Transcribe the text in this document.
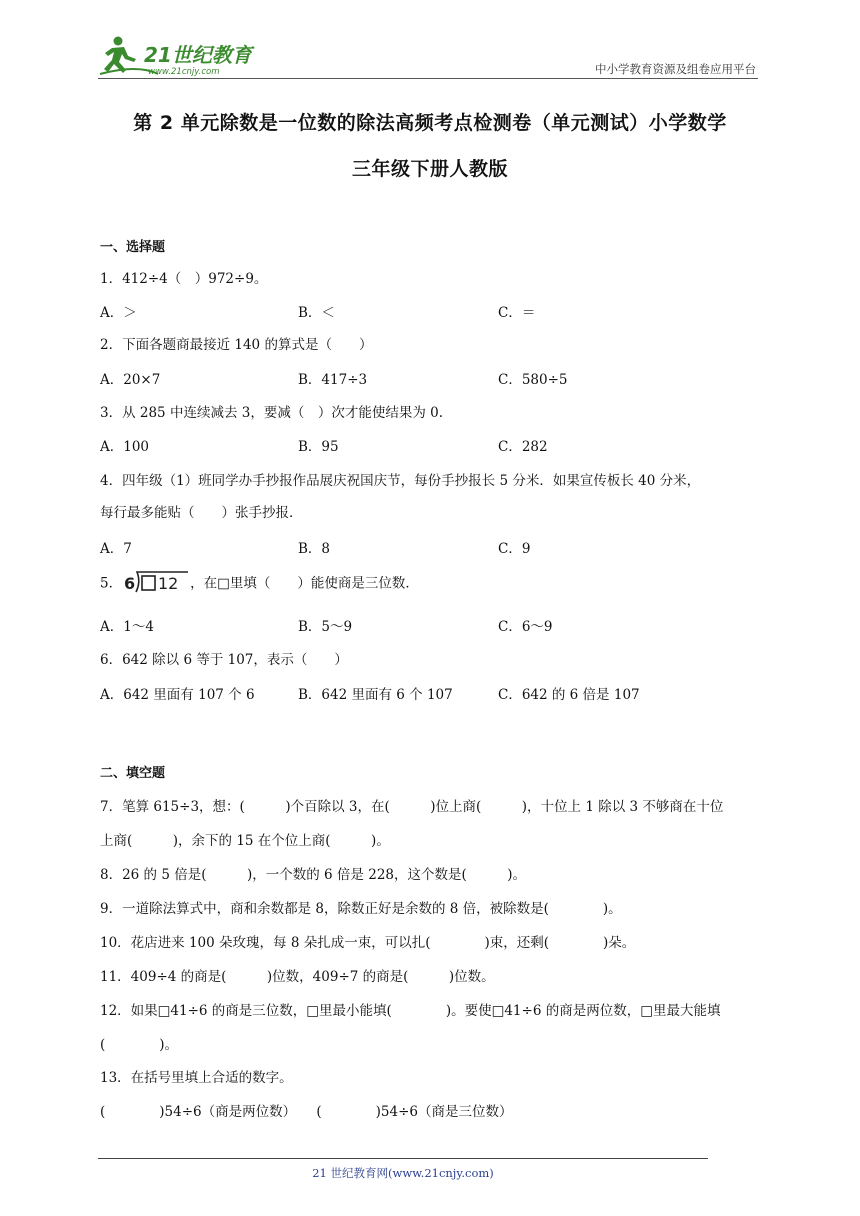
21世纪教育
www.21cnjy.com	中小学教育资源及组卷应用平台
第 2 单元除数是一位数的除法高频考点检测卷（单元测试）小学数学
三年级下册人教版
一、选择题
1．412÷4（　）972÷9。
A．＞	B．＜	C．＝
2．下面各题商最接近 140 的算式是（　　）
A．20×7	B．417÷3	C．580÷5
3．从 285 中连续减去 3，要减（　）次才能使结果为 0.
A．100	B．95	C．282
4．四年级（1）班同学办手抄报作品展庆祝国庆节，每份手抄报长 5 分米．如果宣传板长 40 分米，
每行最多能贴（　　）张手抄报．
A．7	B．8	C．9
5． 6 12 ，在□里填（　　）能使商是三位数．
A．1～4	B．5～9	C．6～9
6．642 除以 6 等于 107，表示（　　）
A．642 里面有 107 个 6	B．642 里面有 6 个 107	C．642 的 6 倍是 107
二、填空题
7．笔算 615÷3，想：(　　　)个百除以 3，在(　　　)位上商(　　　)，十位上 1 除以 3 不够商在十位
上商(　　　)，余下的 15 在个位上商(　　　)。
8．26 的 5 倍是(　　　)，一个数的 6 倍是 228，这个数是(　　　)。
9．一道除法算式中，商和余数都是 8，除数正好是余数的 8 倍，被除数是(　　　　)。
10．花店进来 100 朵玫瑰，每 8 朵扎成一束，可以扎(　　　　)束，还剩(　　　　)朵。
11．409÷4 的商是(　　　)位数，409÷7 的商是(　　　)位数。
12．如果□41÷6 的商是三位数，□里最小能填(　　　　)。要使□41÷6 的商是两位数，□里最大能填
(　　　　)。
13．在括号里填上合适的数字。
(　　　　)54÷6（商是两位数）　　(　　　　)54÷6（商是三位数）
21 世纪教育网(www.21cnjy.com)
